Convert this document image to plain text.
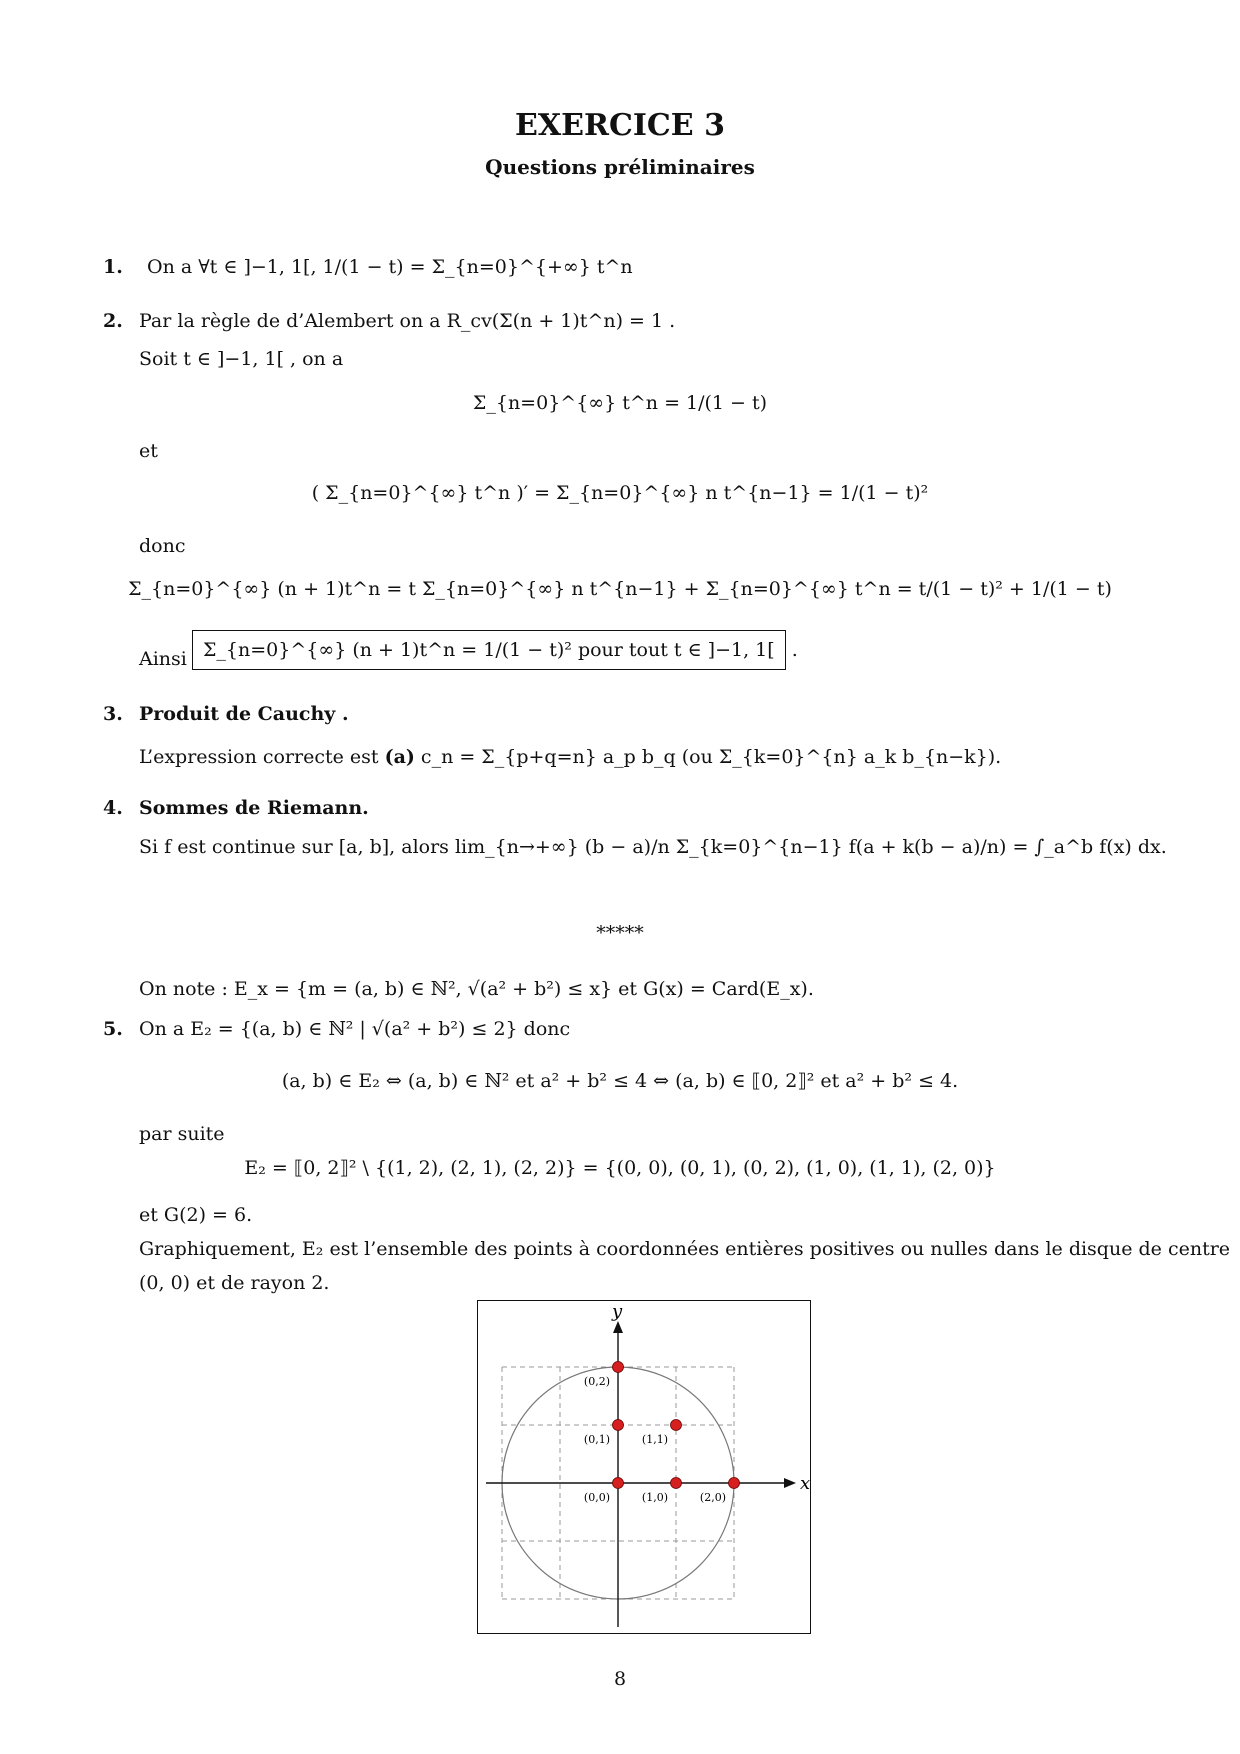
EXERCICE 3
Questions préliminaires
1. On a ∀t ∈ ]−1, 1[, 1/(1 − t) = Σ_{n=0}^{+∞} t^n
2. Par la règle de d’Alembert on a R_cv(Σ(n + 1)t^n) = 1 .
Soit t ∈ ]−1, 1[ , on a
Σ_{n=0}^{∞} t^n = 1/(1 − t)
et
( Σ_{n=0}^{∞} t^n )′ = Σ_{n=0}^{∞} n t^{n−1} = 1/(1 − t)²
donc
Σ_{n=0}^{∞} (n + 1)t^n = t Σ_{n=0}^{∞} n t^{n−1} + Σ_{n=0}^{∞} t^n = t/(1 − t)² + 1/(1 − t)
Ainsi Σ_{n=0}^{∞} (n + 1)t^n = 1/(1 − t)² pour tout t ∈ ]−1, 1[ .
3. Produit de Cauchy .
L’expression correcte est (a) c_n = Σ_{p+q=n} a_p b_q (ou Σ_{k=0}^{n} a_k b_{n−k}).
4. Sommes de Riemann.
Si f est continue sur [a, b], alors lim_{n→+∞} (b − a)/n Σ_{k=0}^{n−1} f(a + k(b − a)/n) = ∫_a^b f(x) dx.
*****
On note : E_x = {m = (a, b) ∈ ℕ², √(a² + b²) ≤ x} et G(x) = Card(E_x).
5. On a E₂ = {(a, b) ∈ ℕ² | √(a² + b²) ≤ 2} donc
(a, b) ∈ E₂ ⇔ (a, b) ∈ ℕ² et a² + b² ≤ 4 ⇔ (a, b) ∈ ⟦0, 2⟧² et a² + b² ≤ 4.
par suite
E₂ = ⟦0, 2⟧² \ {(1, 2), (2, 1), (2, 2)} = {(0, 0), (0, 1), (0, 2), (1, 0), (1, 1), (2, 0)}
et G(2) = 6.
Graphiquement, E₂ est l’ensemble des points à coordonnées entières positives ou nulles dans le disque de centre
(0, 0) et de rayon 2.
x
y
(0,0)
(0,1)
(0,2)
(1,0)
(1,1)
(2,0)
8
